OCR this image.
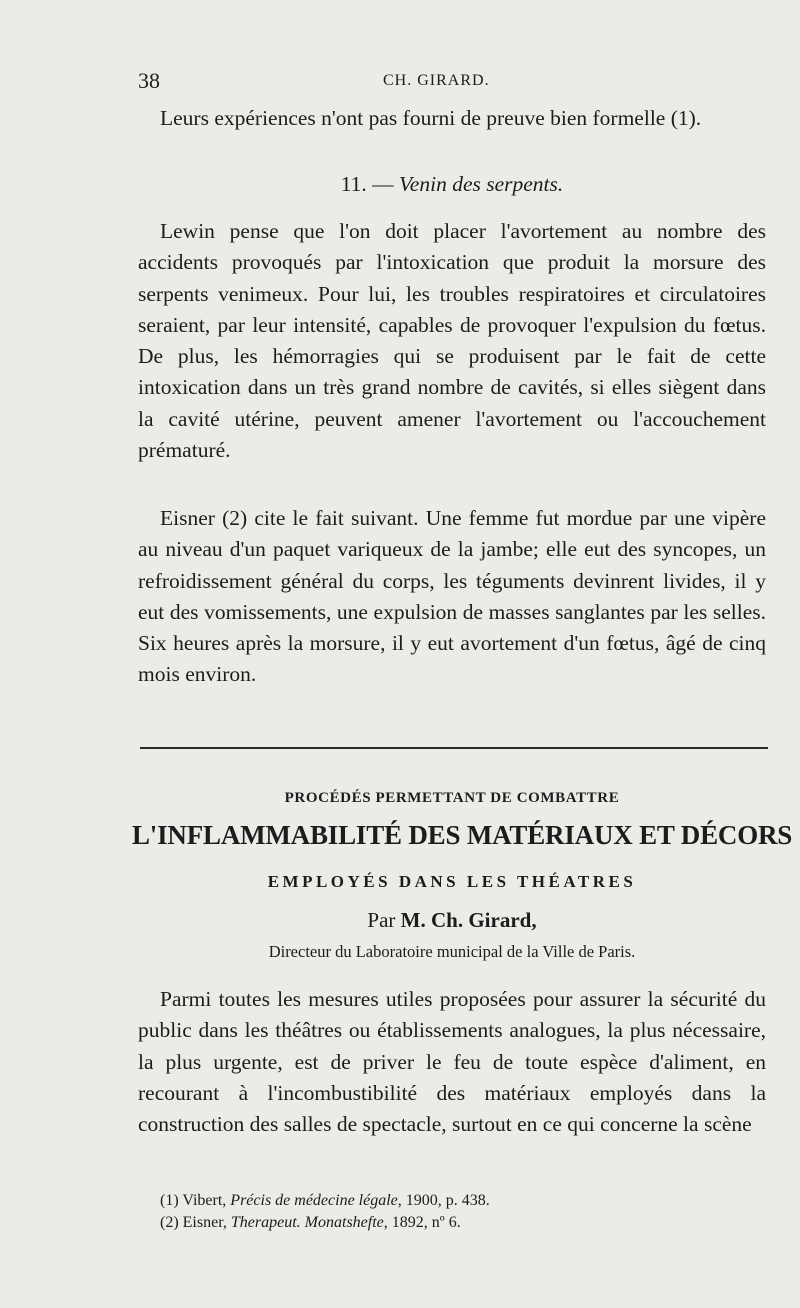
38	CH. GIRARD.

Leurs expériences n'ont pas fourni de preuve bien formelle (1).

11. — Venin des serpents.

Lewin pense que l'on doit placer l'avortement au nombre des accidents provoqués par l'intoxication que produit la morsure des serpents venimeux. Pour lui, les troubles respiratoires et circulatoires seraient, par leur intensité, capables de provoquer l'expulsion du fœtus. De plus, les hémorragies qui se produisent par le fait de cette intoxication dans un très grand nombre de cavités, si elles siègent dans la cavité utérine, peuvent amener l'avortement ou l'accouchement prématuré.

Eisner (2) cite le fait suivant. Une femme fut mordue par une vipère au niveau d'un paquet variqueux de la jambe; elle eut des syncopes, un refroidissement général du corps, les téguments devinrent livides, il y eut des vomissements, une expulsion de masses sanglantes par les selles. Six heures après la morsure, il y eut avortement d'un fœtus, âgé de cinq mois environ.

PROCÉDÉS PERMETTANT DE COMBATTRE
L'INFLAMMABILITÉ DES MATÉRIAUX ET DÉCORS
EMPLOYÉS DANS LES THÉATRES
Par M. Ch. Girard,
Directeur du Laboratoire municipal de la Ville de Paris.

Parmi toutes les mesures utiles proposées pour assurer la sécurité du public dans les théâtres ou établissements analogues, la plus nécessaire, la plus urgente, est de priver le feu de toute espèce d'aliment, en recourant à l'incombustibilité des matériaux employés dans la construction des salles de spectacle, surtout en ce qui concerne la scène

(1) Vibert, Précis de médecine légale, 1900, p. 438.
(2) Eisner, Therapeut. Monatshefte, 1892, nº 6.
